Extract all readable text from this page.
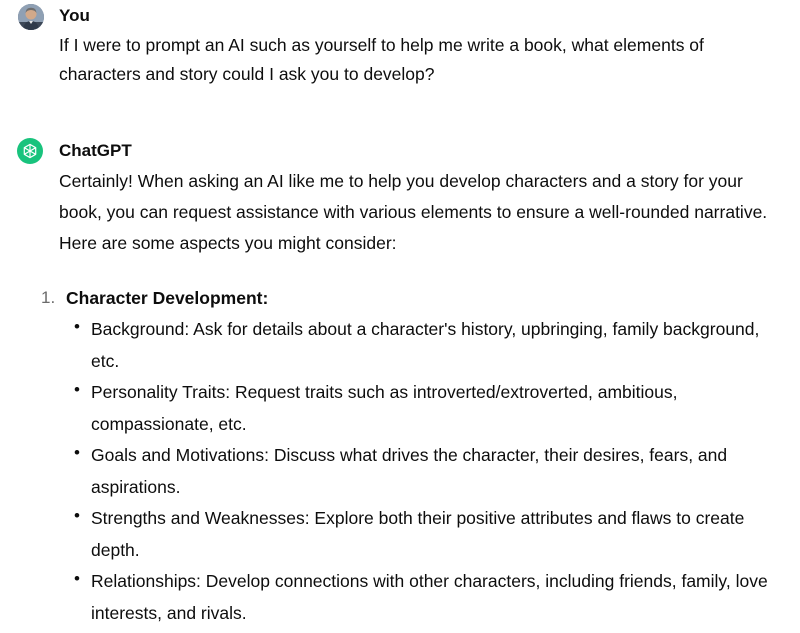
You
If I were to prompt an AI such as yourself to help me write a book, what elements of characters and story could I ask you to develop?
ChatGPT
Certainly! When asking an AI like me to help you develop characters and a story for your book, you can request assistance with various elements to ensure a well-rounded narrative. Here are some aspects you might consider:
1. Character Development:
• Background: Ask for details about a character's history, upbringing, family background, etc.
• Personality Traits: Request traits such as introverted/extroverted, ambitious, compassionate, etc.
• Goals and Motivations: Discuss what drives the character, their desires, fears, and aspirations.
• Strengths and Weaknesses: Explore both their positive attributes and flaws to create depth.
• Relationships: Develop connections with other characters, including friends, family, love interests, and rivals.
